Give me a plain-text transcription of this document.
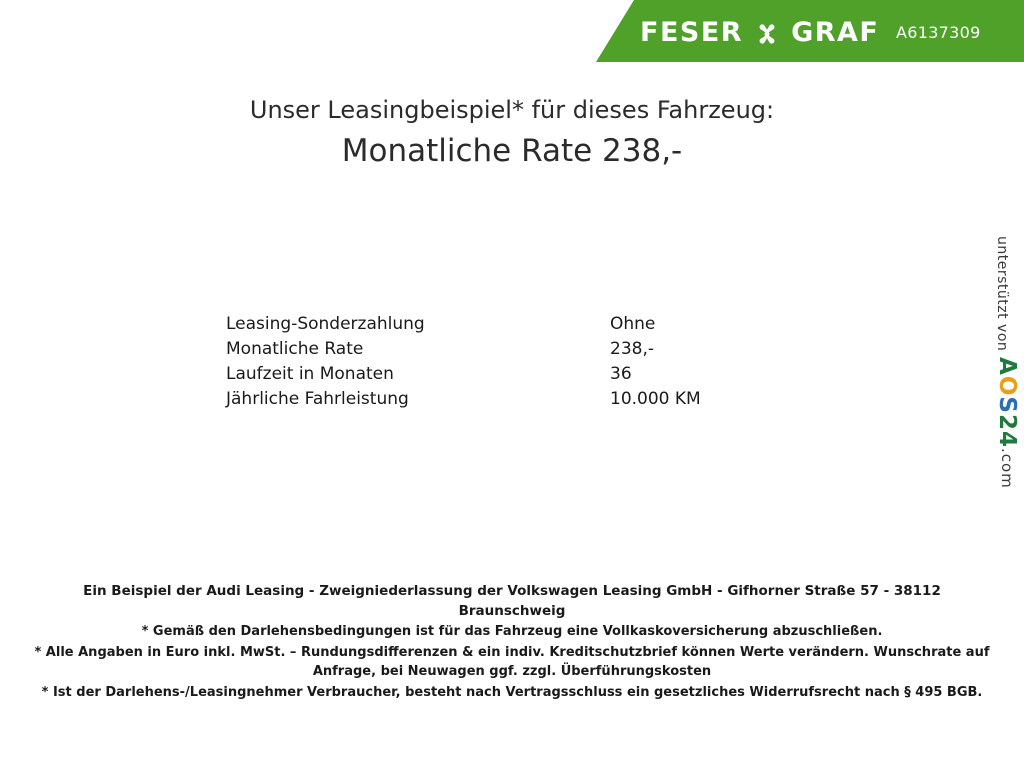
FESER GRAF A6137309
Unser Leasingbeispiel* für dieses Fahrzeug:
Monatliche Rate 238,-
Leasing-Sonderzahlung	Ohne
Monatliche Rate	238,-
Laufzeit in Monaten	36
Jährliche Fahrleistung	10.000 KM
unterstützt von
AOS24.com

Ein Beispiel der Audi Leasing - Zweigniederlassung der Volkswagen Leasing GmbH - Gifhorner Straße 57 - 38112 Braunschweig

* Gemäß den Darlehensbedingungen ist für das Fahrzeug eine Vollkaskoversicherung abzuschließen.

* Alle Angaben in Euro inkl. MwSt. – Rundungsdifferenzen & ein indiv. Kreditschutzbrief können Werte verändern. Wunschrate auf Anfrage, bei Neuwagen ggf. zzgl. Überführungskosten

* Ist der Darlehens-/Leasingnehmer Verbraucher, besteht nach Vertragsschluss ein gesetzliches Widerrufsrecht nach § 495 BGB.
